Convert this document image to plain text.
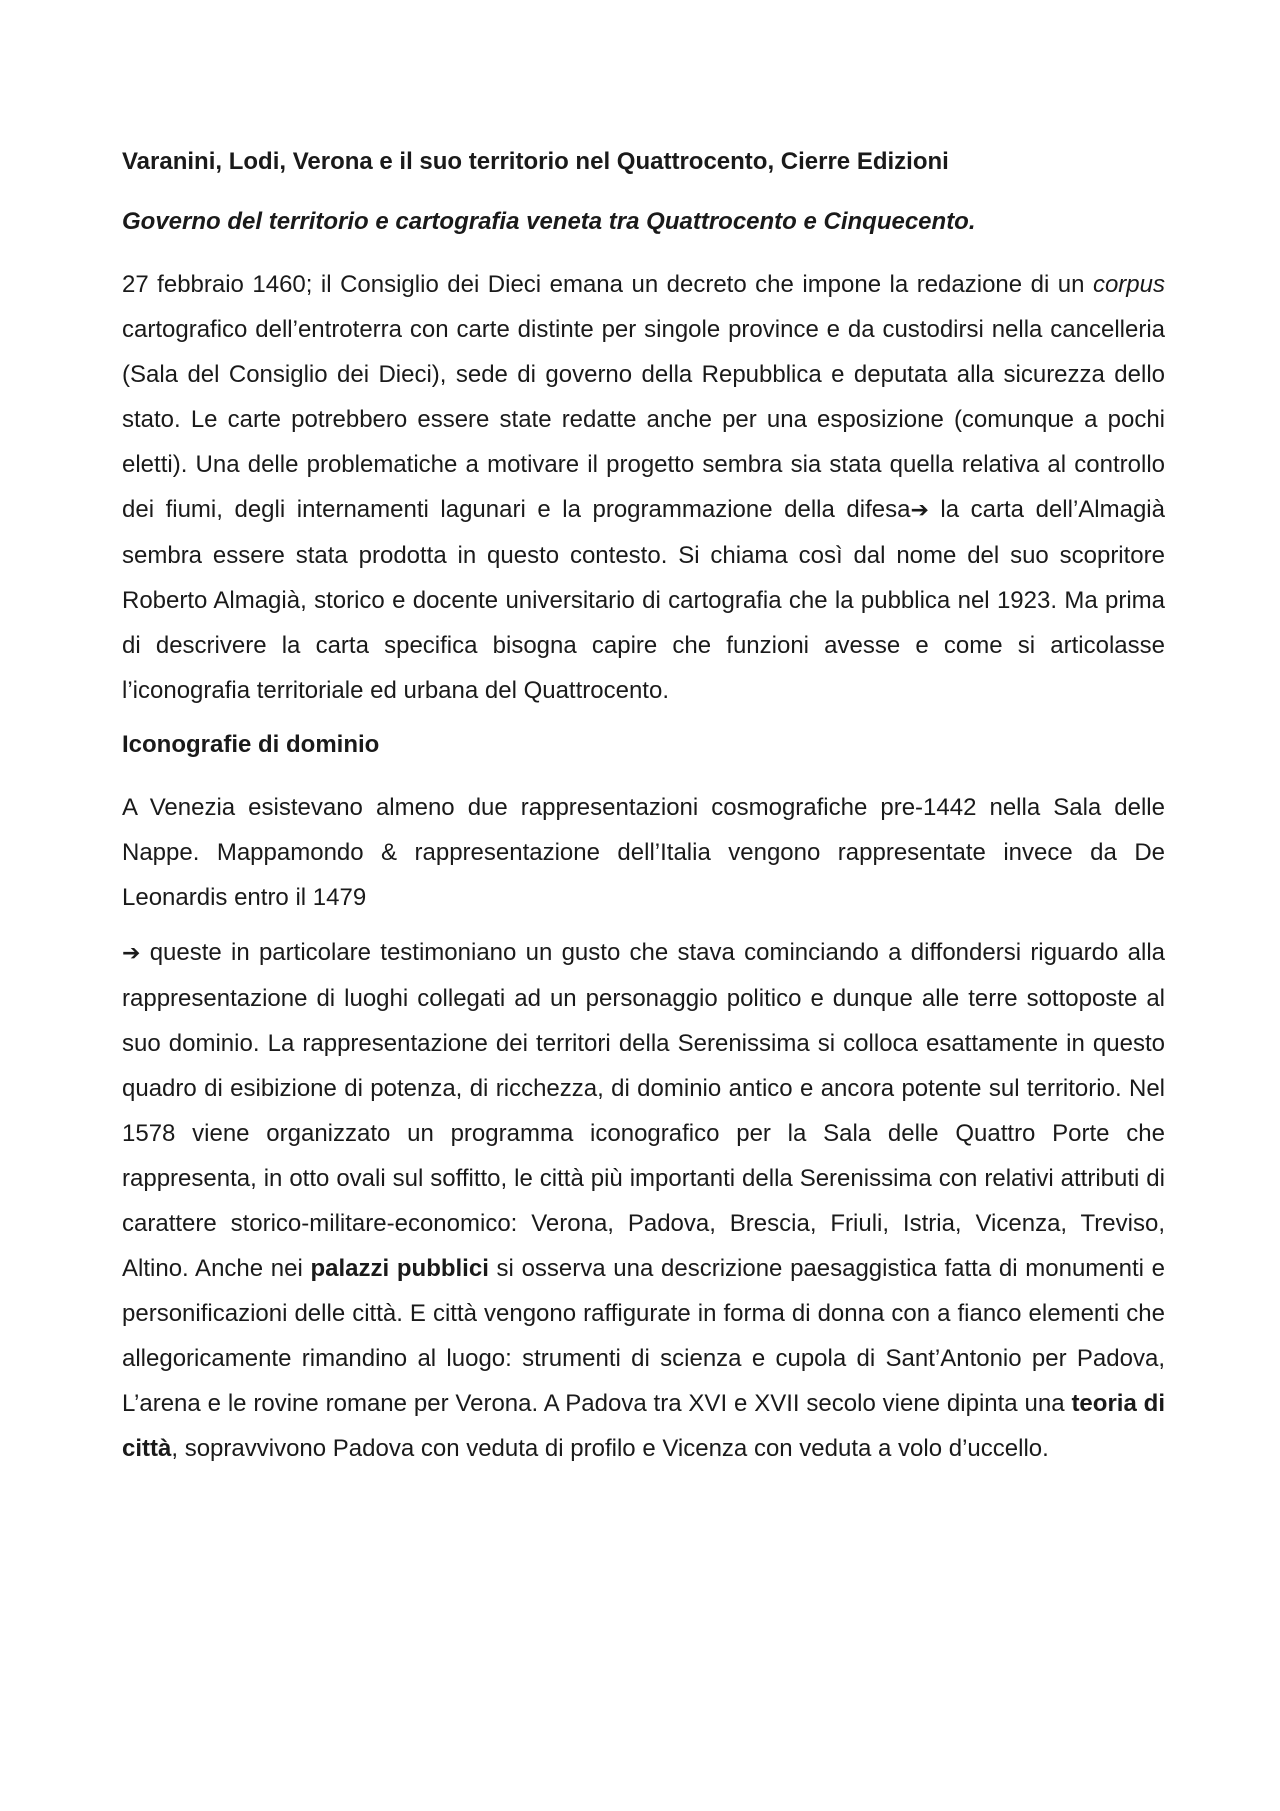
Varanini, Lodi, Verona e il suo territorio nel Quattrocento, Cierre Edizioni
Governo del territorio e cartografia veneta tra Quattrocento e Cinquecento.

27 febbraio 1460; il Consiglio dei Dieci emana un decreto che impone la redazione di un corpus cartografico dell’entroterra con carte distinte per singole province e da custodirsi nella cancelleria (Sala del Consiglio dei Dieci), sede di governo della Repubblica e deputata alla sicurezza dello stato. Le carte potrebbero essere state redatte anche per una esposizione (comunque a pochi eletti). Una delle problematiche a motivare il progetto sembra sia stata quella relativa al controllo dei fiumi, degli internamenti lagunari e la programmazione della difesa➔ la carta dell’Almagià sembra essere stata prodotta in questo contesto. Si chiama così dal nome del suo scopritore Roberto Almagià, storico e docente universitario di cartografia che la pubblica nel 1923. Ma prima di descrivere la carta specifica bisogna capire che funzioni avesse e come si articolasse l’iconografia territoriale ed urbana del Quattrocento.

Iconografie di dominio

A Venezia esistevano almeno due rappresentazioni cosmografiche pre-1442 nella Sala delle Nappe. Mappamondo & rappresentazione dell’Italia vengono rappresentate invece da De Leonardis entro il 1479

➔ queste in particolare testimoniano un gusto che stava cominciando a diffondersi riguardo alla rappresentazione di luoghi collegati ad un personaggio politico e dunque alle terre sottoposte al suo dominio. La rappresentazione dei territori della Serenissima si colloca esattamente in questo quadro di esibizione di potenza, di ricchezza, di dominio antico e ancora potente sul territorio. Nel 1578 viene organizzato un programma iconografico per la Sala delle Quattro Porte che rappresenta, in otto ovali sul soffitto, le città più importanti della Serenissima con relativi attributi di carattere storico-militare-economico: Verona, Padova, Brescia, Friuli, Istria, Vicenza, Treviso, Altino. Anche nei palazzi pubblici si osserva una descrizione paesaggistica fatta di monumenti e personificazioni delle città. E città vengono raffigurate in forma di donna con a fianco elementi che allegoricamente rimandino al luogo: strumenti di scienza e cupola di Sant’Antonio per Padova, L’arena e le rovine romane per Verona. A Padova tra XVI e XVII secolo viene dipinta una teoria di città, sopravvivono Padova con veduta di profilo e Vicenza con veduta a volo d’uccello.
